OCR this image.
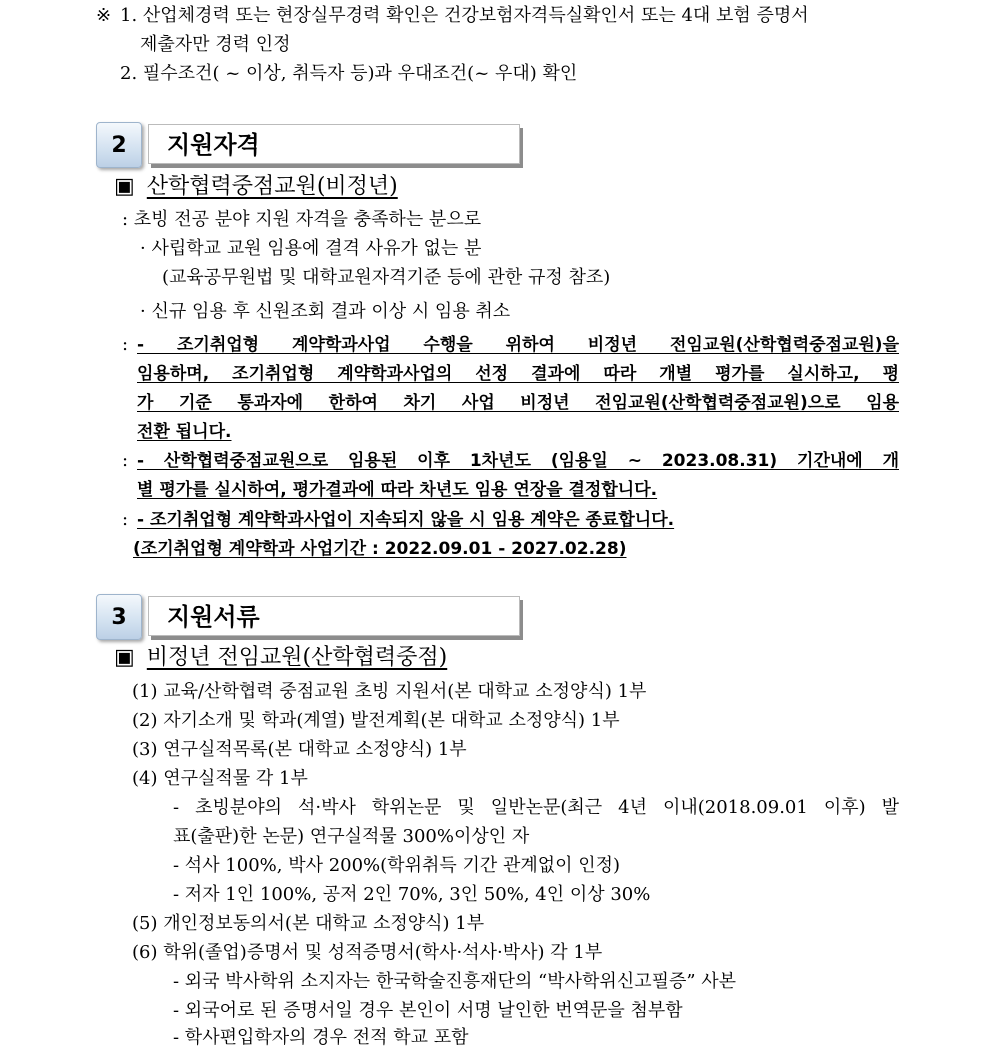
※ 1. 산업체경력 또는 현장실무경력 확인은 건강보험자격득실확인서 또는 4대 보험 증명서
제출자만 경력 인정
2. 필수조건( ~ 이상, 취득자 등)과 우대조건(~ 우대) 확인
2	지원자격
▣ 산학협력중점교원(비정년)
: 초빙 전공 분야 지원 자격을 충족하는 분으로
· 사립학교 교원 임용에 결격 사유가 없는 분
(교육공무원법 및 대학교원자격기준 등에 관한 규정 참조)
· 신규 임용 후 신원조회 결과 이상 시 임용 취소
: - 조기취업형 계약학과사업 수행을 위하여 비정년 전임교원(산학협력중점교원)을
임용하며, 조기취업형 계약학과사업의 선정 결과에 따라 개별 평가를 실시하고, 평
가 기준 통과자에 한하여 차기 사업 비정년 전임교원(산학협력중점교원)으로 임용
전환 됩니다.
: - 산학협력중점교원으로 임용된 이후 1차년도 (임용일 ~ 2023.08.31) 기간내에 개
별 평가를 실시하여, 평가결과에 따라 차년도 임용 연장을 결정합니다.
: - 조기취업형 계약학과사업이 지속되지 않을 시 임용 계약은 종료합니다.
(조기취업형 계약학과 사업기간 : 2022.09.01 - 2027.02.28)
3	지원서류
▣ 비정년 전임교원(산학협력중점)
(1) 교육/산학협력 중점교원 초빙 지원서(본 대학교 소정양식) 1부
(2) 자기소개 및 학과(계열) 발전계획(본 대학교 소정양식) 1부
(3) 연구실적목록(본 대학교 소정양식) 1부
(4) 연구실적물 각 1부
- 초빙분야의 석·박사 학위논문 및 일반논문(최근 4년 이내(2018.09.01 이후) 발
표(출판)한 논문) 연구실적물 300%이상인 자
- 석사 100%, 박사 200%(학위취득 기간 관계없이 인정)
- 저자 1인 100%, 공저 2인 70%, 3인 50%, 4인 이상 30%
(5) 개인정보동의서(본 대학교 소정양식) 1부
(6) 학위(졸업)증명서 및 성적증명서(학사·석사·박사) 각 1부
- 외국 박사학위 소지자는 한국학술진흥재단의 “박사학위신고필증” 사본
- 외국어로 된 증명서일 경우 본인이 서명 날인한 번역문을 첨부함
- 학사편입학자의 경우 전적 학교 포함
